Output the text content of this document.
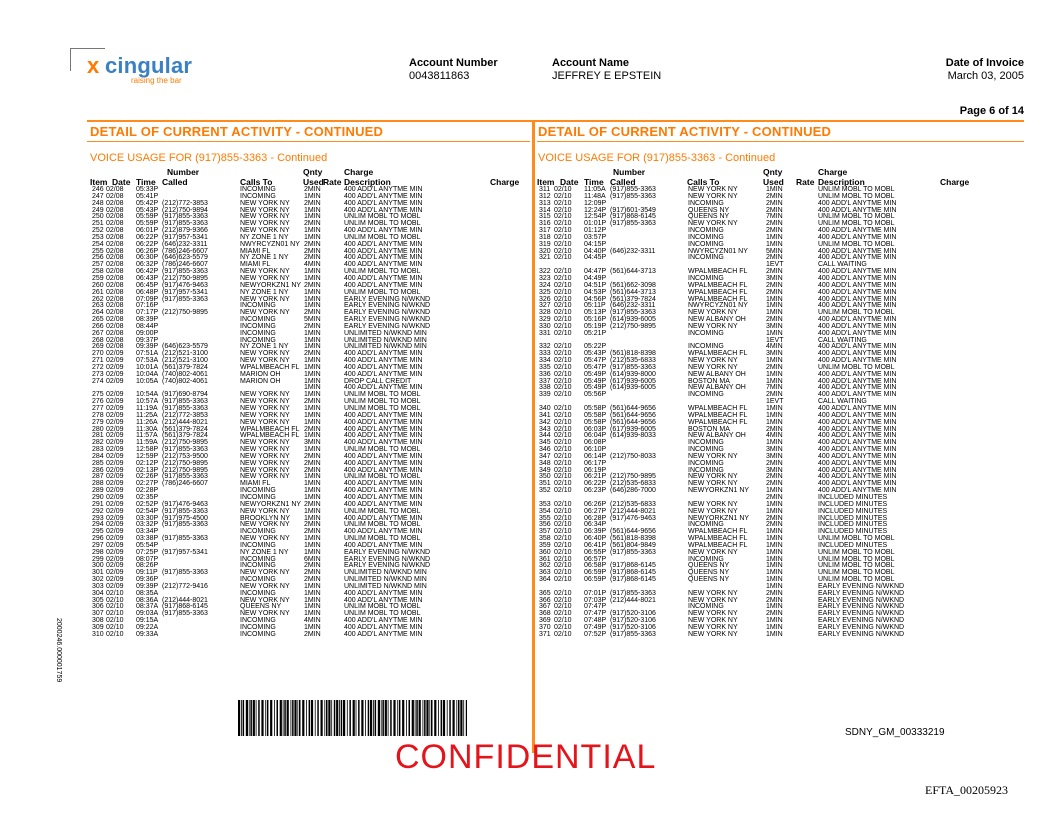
x cingular
raising the bar
Account Number
0043811863
Account Name
JEFFREY E EPSTEIN
Date of Invoice
March 03, 2005
Page 6 of 14
DETAIL OF CURRENT ACTIVITY - CONTINUED	DETAIL OF CURRENT ACTIVITY - CONTINUED
VOICE USAGE FOR (917)855-3363 - Continued	VOICE USAGE FOR (917)855-3363 - Continued
Number	Qnty	Charge
Item Date Time Called	Calls To	Used Rate Description	Charge
Number	Qnty	Charge
Item Date Time Called	Calls To	Used Rate Description	Charge
246 02/08 05:33P	INCOMING	2MIN	400 ADD'L ANYTME MIN
247 02/08 05:41P	INCOMING	1MIN	400 ADD'L ANYTME MIN
248 02/08 05:42P (212)772-3853	NEW YORK NY 2MIN	400 ADD'L ANYTME MIN
249 02/08 05:43P (212)750-9894	NEW YORK NY 1MIN	400 ADD'L ANYTME MIN
250 02/08 05:59P (917)855-3363	NEW YORK NY 1MIN	UNLIM MOBL TO MOBL
251 02/08 05:59P (917)855-3363	NEW YORK NY 2MIN	UNLIM MOBL TO MOBL
252 02/08 06:01P (212)879-9366	NEW YORK NY 1MIN	400 ADD'L ANYTME MIN
253 02/08 06:22P (917)957-5341	NY ZONE 1 NY 1MIN	UNLIM MOBL TO MOBL
254 02/08 06:22P (646)232-3311	NWYRCYZN01 NY 2MIN	400 ADD'L ANYTME MIN
255 02/08 06:26P (786)246-6607	MIAMI FL	2MIN	400 ADD'L ANYTME MIN
256 02/08 06:30P (646)623-5579	NY ZONE 1 NY 2MIN	400 ADD'L ANYTME MIN
257 02/08 06:32P (786)246-6607	MIAMI FL	4MIN	400 ADD'L ANYTME MIN
258 02/08 06:42P (917)855-3363	NEW YORK NY 1MIN	UNLIM MOBL TO MOBL
259 02/08 06:43P (212)750-9895	NEW YORK NY 1MIN	400 ADD'L ANYTME MIN
260 02/08 06:45P (917)476-9463	NEWYORKZN1 NY 2MIN	400 ADD'L ANYTME MIN
261 02/08 06:48P (917)957-5341	NY ZONE 1 NY 1MIN	UNLIM MOBL TO MOBL
262 02/08 07:09P (917)855-3363	NEW YORK NY 1MIN	EARLY EVENING N/WKND
263 02/08 07:16P	INCOMING	1MIN	EARLY EVENING N/WKND
264 02/08 07:17P (212)750-9895	NEW YORK NY 2MIN	EARLY EVENING N/WKND
265 02/08 08:39P	INCOMING	5MIN	EARLY EVENING N/WKND
266 02/08 08:44P	INCOMING	2MIN	EARLY EVENING N/WKND
267 02/08 09:00P	INCOMING	1MIN	UNLIMITED N/WKND MIN
268 02/08 09:37P	INCOMING	1MIN	UNLIMITED N/WKND MIN
269 02/08 09:39P (646)623-5579	NY ZONE 1 NY 1MIN	UNLIMITED N/WKND MIN
270 02/09 07:51A (212)521-3100	NEW YORK NY 2MIN	400 ADD'L ANYTME MIN
271 02/09 07:53A (212)521-3100	NEW YORK NY 1MIN	400 ADD'L ANYTME MIN
272 02/09 10:01A (561)379-7824	WPALMBEACH FL 1MIN	400 ADD'L ANYTME MIN
273 02/09 10:04A (740)802-4061	MARION OH	1MIN	400 ADD'L ANYTME MIN
274 02/09 10:05A (740)802-4061	MARION OH	1MIN	DROP CALL CREDIT
1MIN	400 ADD'L ANYTME MIN
275 02/09 10:54A (917)690-8794	NEW YORK NY 1MIN	UNLIM MOBL TO MOBL
276 02/09 10:57A (917)855-3363	NEW YORK NY 2MIN	UNLIM MOBL TO MOBL
277 02/09 11:19A (917)855-3363	NEW YORK NY 1MIN	UNLIM MOBL TO MOBL
278 02/09 11:25A (212)772-3853	NEW YORK NY 1MIN	400 ADD'L ANYTME MIN
279 02/09 11:26A (212)444-8021	NEW YORK NY 1MIN	400 ADD'L ANYTME MIN
280 02/09 11:30A (561)379-7824	WPALMBEACH FL 2MIN	400 ADD'L ANYTME MIN
281 02/09 11:57A (561)379-7824	WPALMBEACH FL 1MIN	400 ADD'L ANYTME MIN
282 02/09 11:59A (212)750-9895	NEW YORK NY 3MIN	400 ADD'L ANYTME MIN
283 02/09 12:58P (917)855-3363	NEW YORK NY 1MIN	UNLIM MOBL TO MOBL
284 02/09 12:59P (212)753-9500	NEW YORK NY 2MIN	400 ADD'L ANYTME MIN
285 02/09 02:12P (212)750-9895	NEW YORK NY 2MIN	400 ADD'L ANYTME MIN
286 02/09 02:13P (212)750-9895	NEW YORK NY 2MIN	400 ADD'L ANYTME MIN
287 02/09 02:26P (917)855-3363	NEW YORK NY 1MIN	UNLIM MOBL TO MOBL
288 02/09 02:27P (786)246-6607	MIAMI FL	1MIN	400 ADD'L ANYTME MIN
289 02/09 02:28P	INCOMING	1MIN	400 ADD'L ANYTME MIN
290 02/09 02:35P	INCOMING	1MIN	400 ADD'L ANYTME MIN
291 02/09 02:52P (917)476-9463	NEWYORKZN1 NY 2MIN	400 ADD'L ANYTME MIN
292 02/09 02:54P (917)855-3363	NEW YORK NY 1MIN	UNLIM MOBL TO MOBL
293 02/09 03:30P (917)975-4500	BROOKLYN NY 1MIN	400 ADD'L ANYTME MIN
294 02/09 03:32P (917)855-3363	NEW YORK NY 2MIN	UNLIM MOBL TO MOBL
295 02/09 03:34P	INCOMING	2MIN	400 ADD'L ANYTME MIN
296 02/09 03:38P (917)855-3363	NEW YORK NY 1MIN	UNLIM MOBL TO MOBL
297 02/09 05:54P	INCOMING	1MIN	400 ADD'L ANYTME MIN
298 02/09 07:25P (917)957-5341	NY ZONE 1 NY 1MIN	EARLY EVENING N/WKND
299 02/09 08:07P	INCOMING	6MIN	EARLY EVENING N/WKND
300 02/09 08:26P	INCOMING	2MIN	EARLY EVENING N/WKND
301 02/09 09:11P (917)855-3363	NEW YORK NY 2MIN	UNLIMITED N/WKND MIN
302 02/09 09:36P	INCOMING	2MIN	UNLIMITED N/WKND MIN
303 02/09 09:39P (212)772-9416	NEW YORK NY 1MIN	UNLIMITED N/WKND MIN
304 02/10 08:35A	INCOMING	1MIN	400 ADD'L ANYTME MIN
305 02/10 08:36A (212)444-8021	NEW YORK NY 1MIN	400 ADD'L ANYTME MIN
306 02/10 08:37A (917)868-6145	QUEENS NY	1MIN	UNLIM MOBL TO MOBL
307 02/10 09:03A (917)855-3363	NEW YORK NY 1MIN	UNLIM MOBL TO MOBL
308 02/10 09:15A	INCOMING	4MIN	400 ADD'L ANYTME MIN
309 02/10 09:22A	INCOMING	1MIN	400 ADD'L ANYTME MIN
310 02/10 09:33A	INCOMING	2MIN	400 ADD'L ANYTME MIN
311 02/10 11:05A (917)855-3363	NEW YORK NY	1MIN	UNLIM MOBL TO MOBL
312 02/10 11:48A (917)855-3363	NEW YORK NY	2MIN	UNLIM MOBL TO MOBL
313 02/10 12:09P	INCOMING	2MIN	400 ADD'L ANYTME MIN
314 02/10 12:24P (917)601-3549	QUEENS NY	2MIN	400 ADD'L ANYTME MIN
315 02/10 12:54P (917)868-6145	QUEENS NY	7MIN	UNLIM MOBL TO MOBL
316 02/10 01:01P (917)855-3363	NEW YORK NY	2MIN	UNLIM MOBL TO MOBL
317 02/10 01:12P	INCOMING	2MIN	400 ADD'L ANYTME MIN
318 02/10 03:57P	INCOMING	1MIN	400 ADD'L ANYTME MIN
319 02/10 04:15P	INCOMING	1MIN	UNLIM MOBL TO MOBL
320 02/10 04:40P (646)232-3311	NWYRCYZN01 NY	5MIN	400 ADD'L ANYTME MIN
321 02/10 04:45P	INCOMING	2MIN	400 ADD'L ANYTME MIN
1EVT	CALL WAITING
322 02/10 04:47P (561)644-3713	WPALMBEACH FL	2MIN	400 ADD'L ANYTME MIN
323 02/10 04:49P	INCOMING	3MIN	400 ADD'L ANYTME MIN
324 02/10 04:51P (561)662-3098	WPALMBEACH FL	2MIN	400 ADD'L ANYTME MIN
325 02/10 04:53P (561)644-3713	WPALMBEACH FL	2MIN	400 ADD'L ANYTME MIN
326 02/10 04:56P (561)379-7824	WPALMBEACH FL	1MIN	400 ADD'L ANYTME MIN
327 02/10 05:11P (646)232-3311	NWYRCYZN01 NY	1MIN	400 ADD'L ANYTME MIN
328 02/10 05:13P (917)855-3363	NEW YORK NY	1MIN	UNLIM MOBL TO MOBL
329 02/10 05:16P (614)939-6005	NEW ALBANY OH	2MIN	400 ADD'L ANYTME MIN
330 02/10 05:19P (212)750-9895	NEW YORK NY	3MIN	400 ADD'L ANYTME MIN
331 02/10 05:21P	INCOMING	1MIN	400 ADD'L ANYTME MIN
1EVT	CALL WAITING
332 02/10 05:22P	INCOMING	4MIN	400 ADD'L ANYTME MIN
333 02/10 05:43P (561)818-8398	WPALMBEACH FL	3MIN	400 ADD'L ANYTME MIN
334 02/10 05:47P (212)535-6833	NEW YORK NY	1MIN	400 ADD'L ANYTME MIN
335 02/10 05:47P (917)855-3363	NEW YORK NY	2MIN	UNLIM MOBL TO MOBL
336 02/10 05:49P (614)939-8000	NEW ALBANY OH	1MIN	400 ADD'L ANYTME MIN
337 02/10 05:49P (617)939-6005	BOSTON MA	1MIN	400 ADD'L ANYTME MIN
338 02/10 05:49P (614)939-6005	NEW ALBANY OH	7MIN	400 ADD'L ANYTME MIN
339 02/10 05:56P	INCOMING	2MIN	400 ADD'L ANYTME MIN
1EVT	CALL WAITING
340 02/10 05:58P (561)644-9656	WPALMBEACH FL	1MIN	400 ADD'L ANYTME MIN
341 02/10 05:58P (561)644-9656	WPALMBEACH FL	1MIN	400 ADD'L ANYTME MIN
342 02/10 05:58P (561)644-9656	WPALMBEACH FL	1MIN	400 ADD'L ANYTME MIN
343 02/10 06:03P (617)939-6005	BOSTON MA	2MIN	400 ADD'L ANYTME MIN
344 02/10 06:04P (614)939-8033	NEW ALBANY OH	4MIN	400 ADD'L ANYTME MIN
345 02/10 06:08P	INCOMING	1MIN	400 ADD'L ANYTME MIN
346 02/10 06:10P	INCOMING	3MIN	400 ADD'L ANYTME MIN
347 02/10 06:14P (212)750-8033	NEW YORK NY	3MIN	400 ADD'L ANYTME MIN
348 02/10 06:17P	INCOMING	2MIN	400 ADD'L ANYTME MIN
349 02/10 06:19P	INCOMING	3MIN	400 ADD'L ANYTME MIN
350 02/10 06:21P (212)750-9895	NEW YORK NY	2MIN	400 ADD'L ANYTME MIN
351 02/10 06:22P (212)535-6833	NEW YORK NY	2MIN	400 ADD'L ANYTME MIN
352 02/10 06:23P (646)286-7000	NEWYORKZN1 NY 1MIN	400 ADD'L ANYTME MIN
2MIN	INCLUDED MINUTES
353 02/10 06:26P (212)535-6833	NEW YORK NY	1MIN	INCLUDED MINUTES
354 02/10 06:27P (212)444-8021	NEW YORK NY	1MIN	INCLUDED MINUTES
355 02/10 06:28P (917)476-9463	NEWYORKZN1 NY 2MIN	INCLUDED MINUTES
356 02/10 06:34P	INCOMING	2MIN	INCLUDED MINUTES
357 02/10 06:39P (561)644-9656	WPALMBEACH FL	1MIN	INCLUDED MINUTES
358 02/10 06:40P (561)818-8398	WPALMBEACH FL	1MIN	UNLIM MOBL TO MOBL
359 02/10 06:41P (561)804-9849	WPALMBEACH FL	1MIN	INCLUDED MINUTES
360 02/10 06:55P (917)855-3363	NEW YORK NY	1MIN	UNLIM MOBL TO MOBL
361 02/10 06:57P	INCOMING	1MIN	UNLIM MOBL TO MOBL
362 02/10 06:58P (917)868-6145	QUEENS NY	1MIN	UNLIM MOBL TO MOBL
363 02/10 06:59P (917)868-6145	QUEENS NY	1MIN	UNLIM MOBL TO MOBL
364 02/10 06:59P (917)868-6145	QUEENS NY	1MIN	UNLIM MOBL TO MOBL
1MIN	EARLY EVENING N/WKND
365 02/10 07:01P (917)855-3363	NEW YORK NY	2MIN	EARLY EVENING N/WKND
366 02/10 07:03P (212)444-8021	NEW YORK NY	2MIN	EARLY EVENING N/WKND
367 02/10 07:47P	INCOMING	1MIN	EARLY EVENING N/WKND
368 02/10 07:47P (917)520-3106	NEW YORK NY	2MIN	EARLY EVENING N/WKND
369 02/10 07:48P (917)520-3106	NEW YORK NY	1MIN	EARLY EVENING N/WKND
370 02/10 07:49P (917)520-3106	NEW YORK NY	1MIN	EARLY EVENING N/WKND
371 02/10 07:52P (917)855-3363	NEW YORK NY	1MIN	EARLY EVENING N/WKND
CONFIDENTIAL
SDNY_GM_00333219
EFTA_00205923
2000246.000001759
